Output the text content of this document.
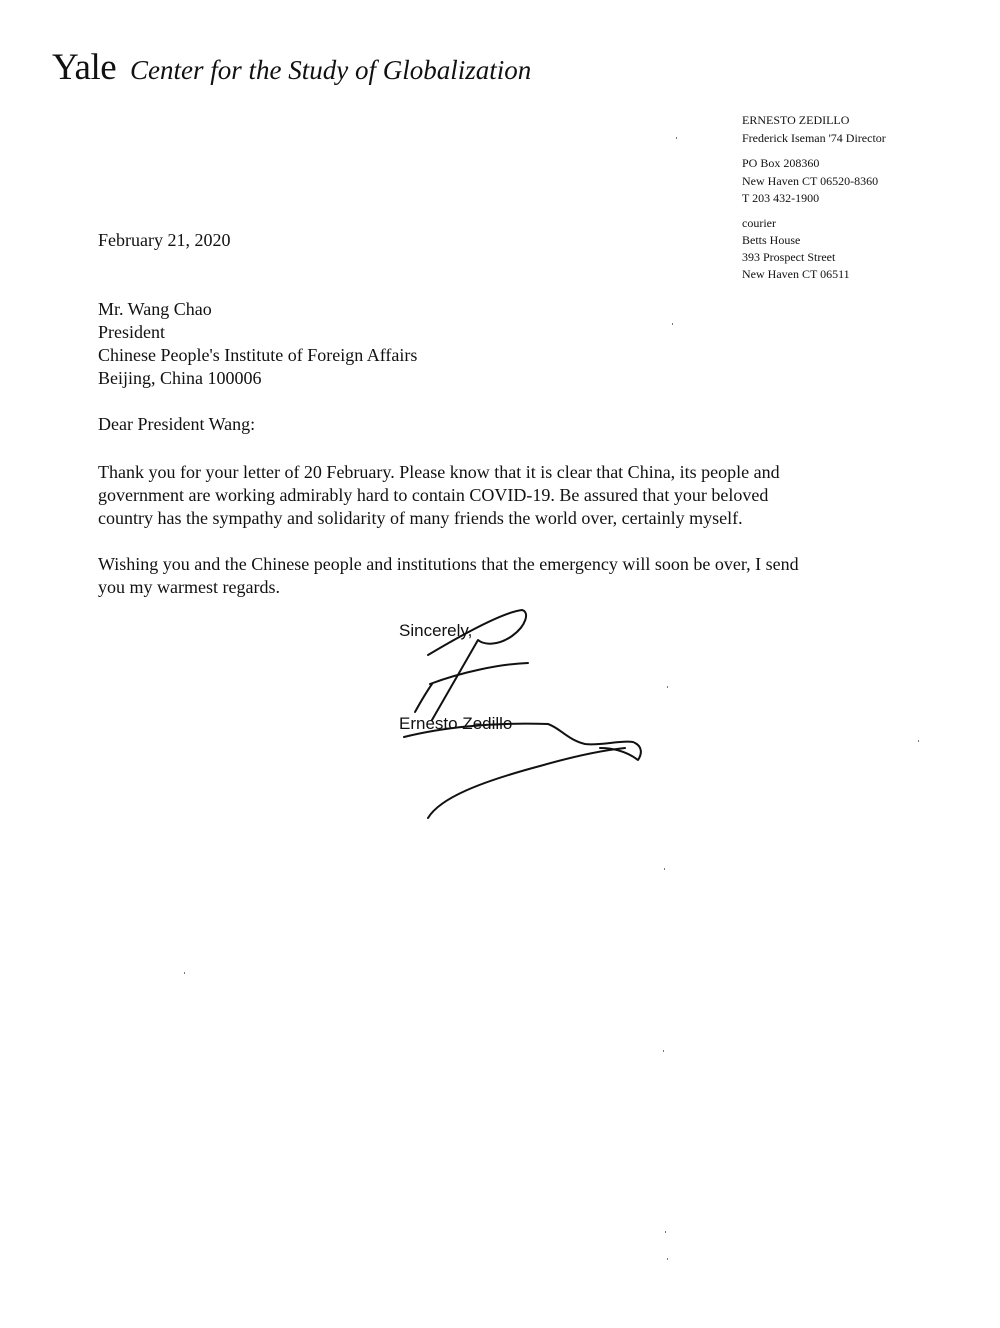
Yale Center for the Study of Globalization
ERNESTO ZEDILLO
Frederick Iseman '74 Director
PO Box 208360
New Haven CT 06520-8360
T 203 432-1900
courier
Betts House
393 Prospect Street
New Haven CT 06511
February 21, 2020
Mr. Wang Chao
President
Chinese People's Institute of Foreign Affairs
Beijing, China 100006
Dear President Wang:
Thank you for your letter of 20 February. Please know that it is clear that China, its people and
government are working admirably hard to contain COVID-19. Be assured that your beloved
country has the sympathy and solidarity of many friends the world over, certainly myself.
Wishing you and the Chinese people and institutions that the emergency will soon be over, I send
you my warmest regards.
Sincerely,
Ernesto Zedillo
